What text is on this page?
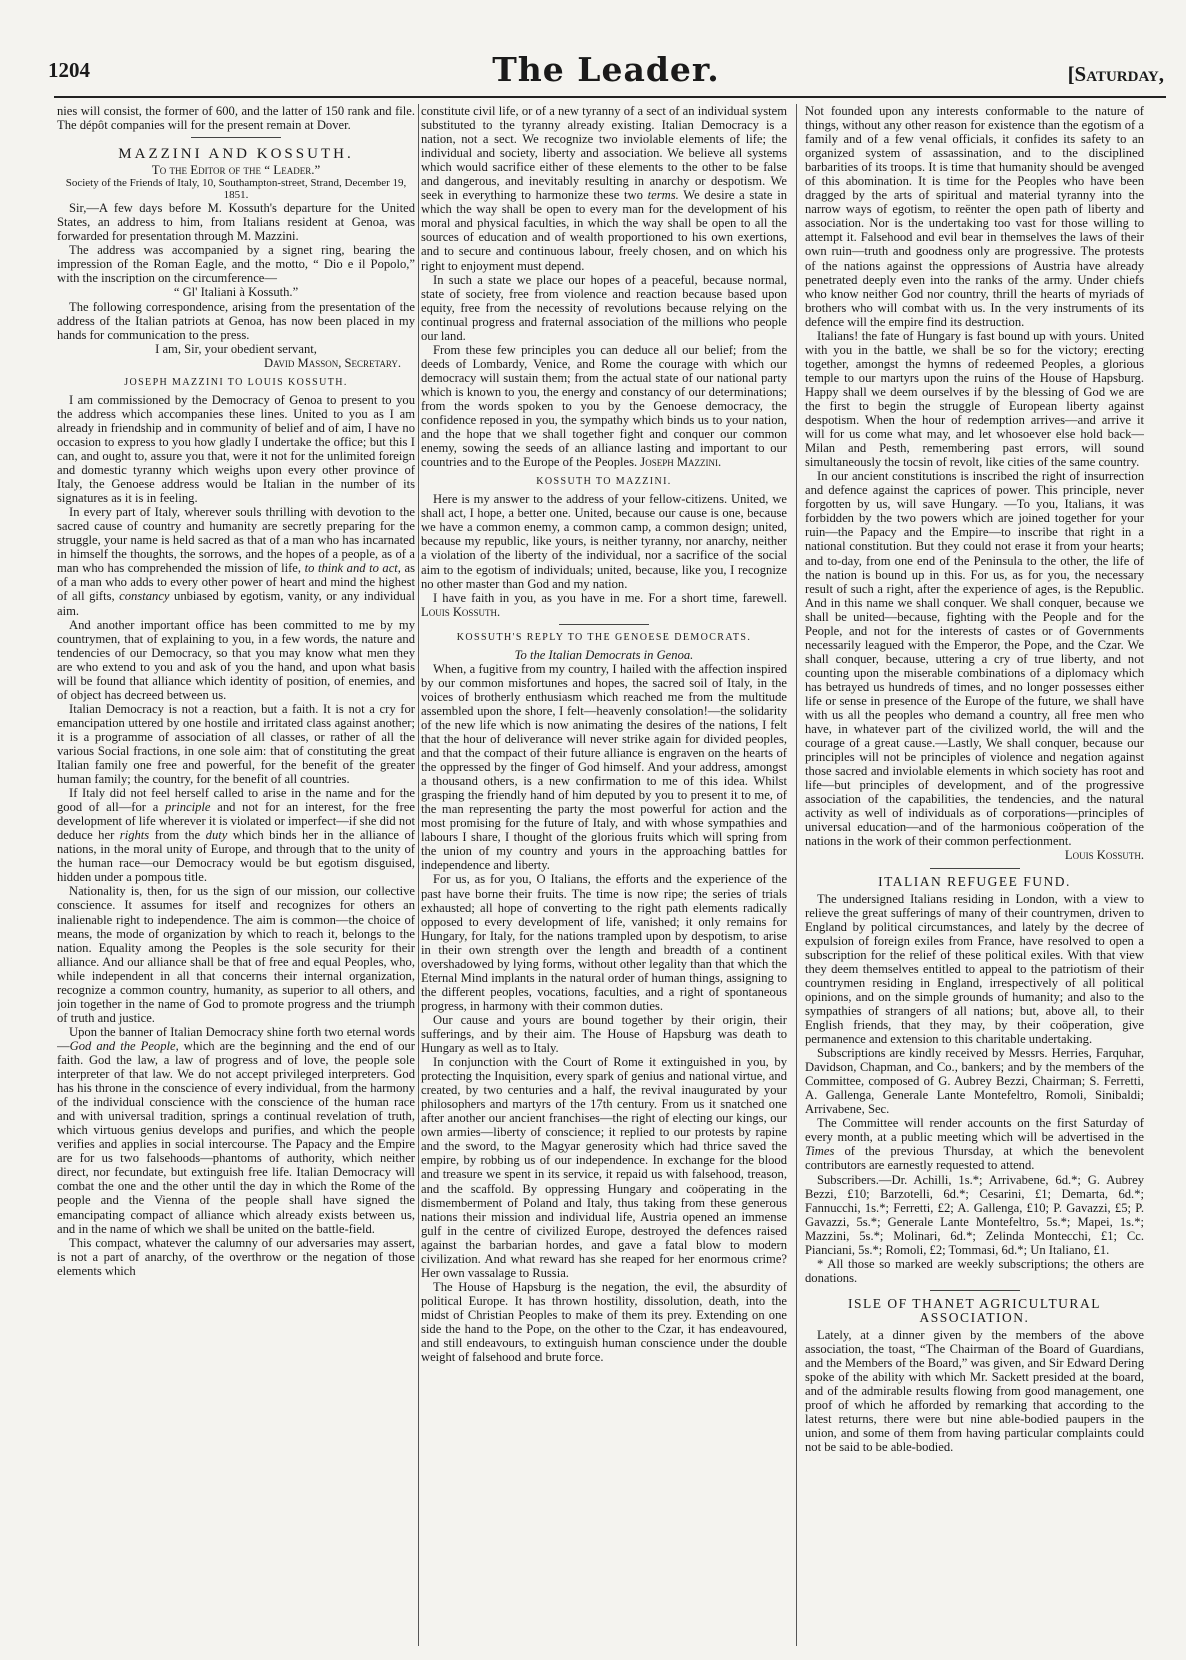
1204	The Leader.	[Saturday,

nies will consist, the former of 600, and the latter of 150 rank and file. The dépôt companies will for the present remain at Dover.

MAZZINI AND KOSSUTH.
To the Editor of the “ Leader.”
Society of the Friends of Italy, 10, Southampton-street, Strand, December 19, 1851.

Sir,—A few days before M. Kossuth's departure for the United States, an address to him, from Italians resident at Genoa, was forwarded for presentation through M. Mazzini.

The address was accompanied by a signet ring, bearing the impression of the Roman Eagle, and the motto, “ Dio e il Popolo,” with the inscription on the circumference—

“ Gl' Italiani à Kossuth.”

The following correspondence, arising from the presentation of the address of the Italian patriots at Genoa, has now been placed in my hands for communication to the press.

I am, Sir, your obedient servant,
David Masson, Secretary.
JOSEPH MAZZINI TO LOUIS KOSSUTH.

I am commissioned by the Democracy of Genoa to present to you the address which accompanies these lines. United to you as I am already in friendship and in community of belief and of aim, I have no occasion to express to you how gladly I undertake the office; but this I can, and ought to, assure you that, were it not for the unlimited foreign and domestic tyranny which weighs upon every other province of Italy, the Genoese address would be Italian in the number of its signatures as it is in feeling.

In every part of Italy, wherever souls thrilling with devotion to the sacred cause of country and humanity are secretly preparing for the struggle, your name is held sacred as that of a man who has incarnated in himself the thoughts, the sorrows, and the hopes of a people, as of a man who has comprehended the mission of life, to think and to act, as of a man who adds to every other power of heart and mind the highest of all gifts, constancy unbiased by egotism, vanity, or any individual aim.

And another important office has been committed to me by my countrymen, that of explaining to you, in a few words, the nature and tendencies of our Democracy, so that you may know what men they are who extend to you and ask of you the hand, and upon what basis will be found that alliance which identity of position, of enemies, and of object has decreed between us.

Italian Democracy is not a reaction, but a faith. It is not a cry for emancipation uttered by one hostile and irritated class against another; it is a programme of association of all classes, or rather of all the various Social fractions, in one sole aim: that of constituting the great Italian family one free and powerful, for the benefit of the greater human family; the country, for the benefit of all countries.

If Italy did not feel herself called to arise in the name and for the good of all—for a principle and not for an interest, for the free development of life wherever it is violated or imperfect—if she did not deduce her rights from the duty which binds her in the alliance of nations, in the moral unity of Europe, and through that to the unity of the human race—our Democracy would be but egotism disguised, hidden under a pompous title.

Nationality is, then, for us the sign of our mission, our collective conscience. It assumes for itself and recognizes for others an inalienable right to independence. The aim is common—the choice of means, the mode of organization by which to reach it, belongs to the nation. Equality among the Peoples is the sole security for their alliance. And our alliance shall be that of free and equal Peoples, who, while independent in all that concerns their internal organization, recognize a common country, humanity, as superior to all others, and join together in the name of God to promote progress and the triumph of truth and justice.

Upon the banner of Italian Democracy shine forth two eternal words—God and the People, which are the beginning and the end of our faith. God the law, a law of progress and of love, the people sole interpreter of that law. We do not accept privileged interpreters. God has his throne in the conscience of every individual, from the harmony of the individual conscience with the conscience of the human race and with universal tradition, springs a continual revelation of truth, which virtuous genius develops and purifies, and which the people verifies and applies in social intercourse. The Papacy and the Empire are for us two falsehoods—phantoms of authority, which neither direct, nor fecundate, but extinguish free life. Italian Democracy will combat the one and the other until the day in which the Rome of the people and the Vienna of the people shall have signed the emancipating compact of alliance which already exists between us, and in the name of which we shall be united on the battle-field.

This compact, whatever the calumny of our adversaries may assert, is not a part of anarchy, of the overthrow or the negation of those elements which

constitute civil life, or of a new tyranny of a sect of an individual system substituted to the tyranny already existing. Italian Democracy is a nation, not a sect. We recognize two inviolable elements of life; the individual and society, liberty and association. We believe all systems which would sacrifice either of these elements to the other to be false and dangerous, and inevitably resulting in anarchy or despotism. We seek in everything to harmonize these two terms. We desire a state in which the way shall be open to every man for the development of his moral and physical faculties, in which the way shall be open to all the sources of education and of wealth proportioned to his own exertions, and to secure and continuous labour, freely chosen, and on which his right to enjoyment must depend.

In such a state we place our hopes of a peaceful, because normal, state of society, free from violence and reaction because based upon equity, free from the necessity of revolutions because relying on the continual progress and fraternal association of the millions who people our land.

From these few principles you can deduce all our belief; from the deeds of Lombardy, Venice, and Rome the courage with which our democracy will sustain them; from the actual state of our national party which is known to you, the energy and constancy of our determinations; from the words spoken to you by the Genoese democracy, the confidence reposed in you, the sympathy which binds us to your nation, and the hope that we shall together fight and conquer our common enemy, sowing the seeds of an alliance lasting and important to our countries and to the Europe of the Peoples. Joseph Mazzini.

KOSSUTH TO MAZZINI.

Here is my answer to the address of your fellow-citizens. United, we shall act, I hope, a better one. United, because our cause is one, because we have a common enemy, a common camp, a common design; united, because my republic, like yours, is neither tyranny, nor anarchy, neither a violation of the liberty of the individual, nor a sacrifice of the social aim to the egotism of individuals; united, because, like you, I recognize no other master than God and my nation.

I have faith in you, as you have in me. For a short time, farewell. Louis Kossuth.

KOSSUTH'S REPLY TO THE GENOESE DEMOCRATS.
To the Italian Democrats in Genoa.

When, a fugitive from my country, I hailed with the affection inspired by our common misfortunes and hopes, the sacred soil of Italy, in the voices of brotherly enthusiasm which reached me from the multitude assembled upon the shore, I felt—heavenly consolation!—the solidarity of the new life which is now animating the desires of the nations, I felt that the hour of deliverance will never strike again for divided peoples, and that the compact of their future alliance is engraven on the hearts of the oppressed by the finger of God himself. And your address, amongst a thousand others, is a new confirmation to me of this idea. Whilst grasping the friendly hand of him deputed by you to present it to me, of the man representing the party the most powerful for action and the most promising for the future of Italy, and with whose sympathies and labours I share, I thought of the glorious fruits which will spring from the union of my country and yours in the approaching battles for independence and liberty.

For us, as for you, O Italians, the efforts and the experience of the past have borne their fruits. The time is now ripe; the series of trials exhausted; all hope of converting to the right path elements radically opposed to every development of life, vanished; it only remains for Hungary, for Italy, for the nations trampled upon by despotism, to arise in their own strength over the length and breadth of a continent overshadowed by lying forms, without other legality than that which the Eternal Mind implants in the natural order of human things, assigning to the different peoples, vocations, faculties, and a right of spontaneous progress, in harmony with their common duties.

Our cause and yours are bound together by their origin, their sufferings, and by their aim. The House of Hapsburg was death to Hungary as well as to Italy.

In conjunction with the Court of Rome it extinguished in you, by protecting the Inquisition, every spark of genius and national virtue, and created, by two centuries and a half, the revival inaugurated by your philosophers and martyrs of the 17th century. From us it snatched one after another our ancient franchises—the right of electing our kings, our own armies—liberty of conscience; it replied to our protests by rapine and the sword, to the Magyar generosity which had thrice saved the empire, by robbing us of our independence. In exchange for the blood and treasure we spent in its service, it repaid us with falsehood, treason, and the scaffold. By oppressing Hungary and coöperating in the dismemberment of Poland and Italy, thus taking from these generous nations their mission and individual life, Austria opened an immense gulf in the centre of civilized Europe, destroyed the defences raised against the barbarian hordes, and gave a fatal blow to modern civilization. And what reward has she reaped for her enormous crime? Her own vassalage to Russia.

The House of Hapsburg is the negation, the evil, the absurdity of political Europe. It has thrown hostility, dissolution, death, into the midst of Christian Peoples to make of them its prey. Extending on one side the hand to the Pope, on the other to the Czar, it has endeavoured, and still endeavours, to extinguish human conscience under the double weight of falsehood and brute force.

Not founded upon any interests conformable to the nature of things, without any other reason for existence than the egotism of a family and of a few venal officials, it confides its safety to an organized system of assassination, and to the disciplined barbarities of its troops. It is time that humanity should be avenged of this abomination. It is time for the Peoples who have been dragged by the arts of spiritual and material tyranny into the narrow ways of egotism, to reënter the open path of liberty and association. Nor is the undertaking too vast for those willing to attempt it. Falsehood and evil bear in themselves the laws of their own ruin—truth and goodness only are progressive. The protests of the nations against the oppressions of Austria have already penetrated deeply even into the ranks of the army. Under chiefs who know neither God nor country, thrill the hearts of myriads of brothers who will combat with us. In the very instruments of its defence will the empire find its destruction.

Italians! the fate of Hungary is fast bound up with yours. United with you in the battle, we shall be so for the victory; erecting together, amongst the hymns of redeemed Peoples, a glorious temple to our martyrs upon the ruins of the House of Hapsburg. Happy shall we deem ourselves if by the blessing of God we are the first to begin the struggle of European liberty against despotism. When the hour of redemption arrives—and arrive it will for us come what may, and let whosoever else hold back—Milan and Pesth, remembering past errors, will sound simultaneously the tocsin of revolt, like cities of the same country.

In our ancient constitutions is inscribed the right of insurrection and defence against the caprices of power. This principle, never forgotten by us, will save Hungary. —To you, Italians, it was forbidden by the two powers which are joined together for your ruin—the Papacy and the Empire—to inscribe that right in a national constitution. But they could not erase it from your hearts; and to-day, from one end of the Peninsula to the other, the life of the nation is bound up in this. For us, as for you, the necessary result of such a right, after the experience of ages, is the Republic. And in this name we shall conquer. We shall conquer, because we shall be united—because, fighting with the People and for the People, and not for the interests of castes or of Governments necessarily leagued with the Emperor, the Pope, and the Czar. We shall conquer, because, uttering a cry of true liberty, and not counting upon the miserable combinations of a diplomacy which has betrayed us hundreds of times, and no longer possesses either life or sense in presence of the Europe of the future, we shall have with us all the peoples who demand a country, all free men who have, in whatever part of the civilized world, the will and the courage of a great cause.—Lastly, We shall conquer, because our principles will not be principles of violence and negation against those sacred and inviolable elements in which society has root and life—but principles of development, and of the progressive association of the capabilities, the tendencies, and the natural activity as well of individuals as of corporations—principles of universal education—and of the harmonious coöperation of the nations in the work of their common perfectionment.

Louis Kossuth.
ITALIAN REFUGEE FUND.

The undersigned Italians residing in London, with a view to relieve the great sufferings of many of their countrymen, driven to England by political circumstances, and lately by the decree of expulsion of foreign exiles from France, have resolved to open a subscription for the relief of these political exiles. With that view they deem themselves entitled to appeal to the patriotism of their countrymen residing in England, irrespectively of all political opinions, and on the simple grounds of humanity; and also to the sympathies of strangers of all nations; but, above all, to their English friends, that they may, by their coöperation, give permanence and extension to this charitable undertaking.

Subscriptions are kindly received by Messrs. Herries, Farquhar, Davidson, Chapman, and Co., bankers; and by the members of the Committee, composed of G. Aubrey Bezzi, Chairman; S. Ferretti, A. Gallenga, Generale Lante Montefeltro, Romoli, Sinibaldi; Arrivabene, Sec.

The Committee will render accounts on the first Saturday of every month, at a public meeting which will be advertised in the Times of the previous Thursday, at which the benevolent contributors are earnestly requested to attend.

Subscribers.—Dr. Achilli, 1s.*; Arrivabene, 6d.*; G. Aubrey Bezzi, £10; Barzotelli, 6d.*; Cesarini, £1; Demarta, 6d.*; Fannucchi, 1s.*; Ferretti, £2; A. Gallenga, £10; P. Gavazzi, £5; P. Gavazzi, 5s.*; Generale Lante Montefeltro, 5s.*; Mapei, 1s.*; Mazzini, 5s.*; Molinari, 6d.*; Zelinda Montecchi, £1; Cc. Pianciani, 5s.*; Romoli, £2; Tommasi, 6d.*; Un Italiano, £1.

* All those so marked are weekly subscriptions; the others are donations.

ISLE OF THANET AGRICULTURAL ASSOCIATION.

Lately, at a dinner given by the members of the above association, the toast, “The Chairman of the Board of Guardians, and the Members of the Board,” was given, and Sir Edward Dering spoke of the ability with which Mr. Sackett presided at the board, and of the admirable results flowing from good management, one proof of which he afforded by remarking that according to the latest returns, there were but nine able-bodied paupers in the union, and some of them from having particular complaints could not be said to be able-bodied.
